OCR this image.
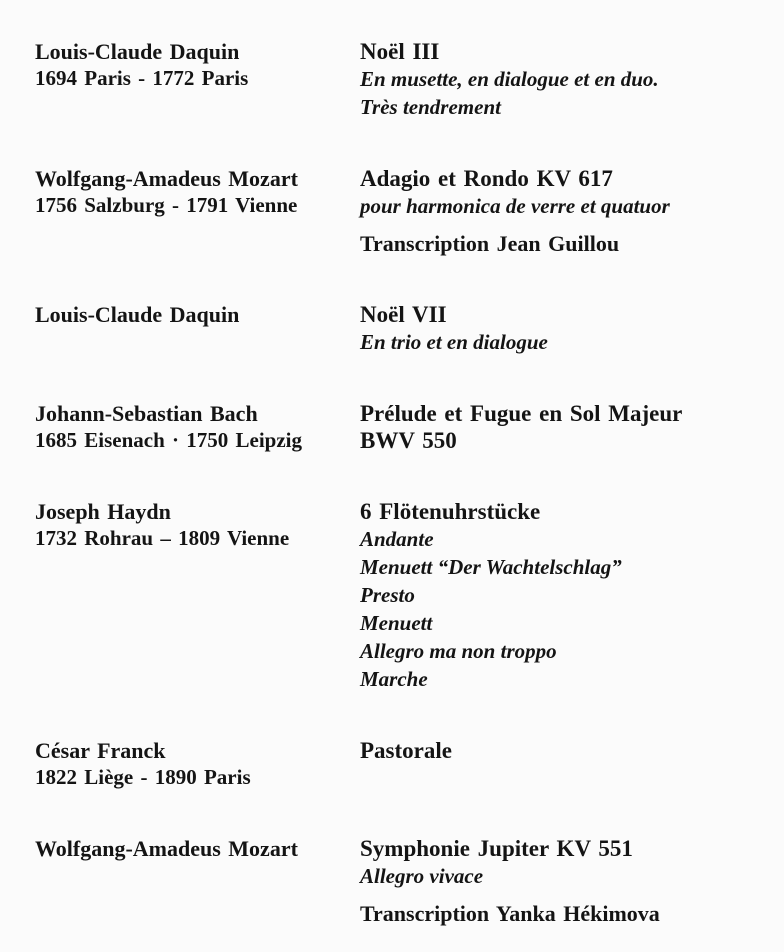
Louis-Claude Daquin
1694 Paris - 1772 Paris
Noël III
En musette, en dialogue et en duo.
Très tendrement
Wolfgang-Amadeus Mozart
1756 Salzburg - 1791 Vienne
Adagio et Rondo KV 617
pour harmonica de verre et quatuor
Transcription Jean Guillou
Louis-Claude Daquin	Noël VII
En trio et en dialogue
Johann-Sebastian Bach
1685 Eisenach · 1750 Leipzig
Prélude et Fugue en Sol Majeur
BWV 550
Joseph Haydn
1732 Rohrau – 1809 Vienne
6 Flötenuhrstücke
Andante
Menuett “Der Wachtelschlag”
Presto
Menuett
Allegro ma non troppo
Marche
César Franck
1822 Liège - 1890 Paris
Pastorale
Wolfgang-Amadeus Mozart	Symphonie Jupiter KV 551
Allegro vivace
Transcription Yanka Hékimova
